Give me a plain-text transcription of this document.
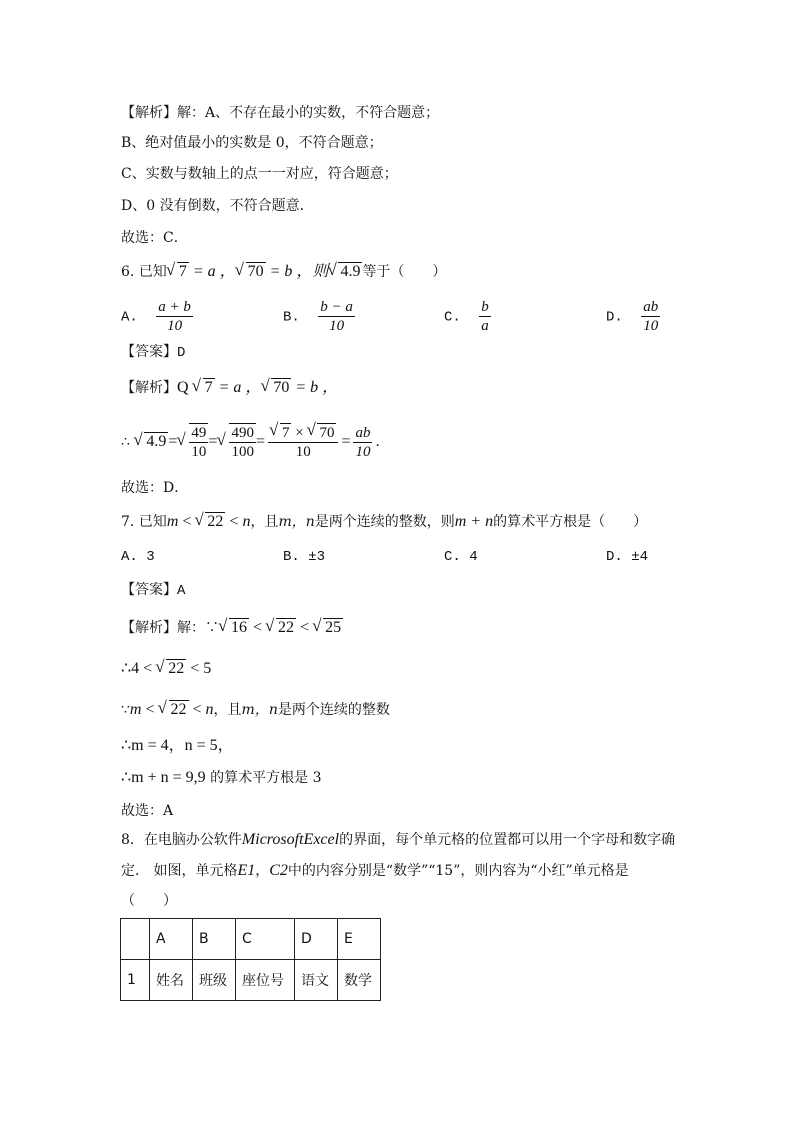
【解析】解：A、不存在最小的实数，不符合题意；
B、绝对值最小的实数是 0，不符合题意；
C、实数与数轴上的点一一对应，符合题意；
D、0 没有倒数，不符合题意．
故选：C．
6. 已知 √ 7 = a ， √ 70 = b ，则 √ 4.9 等于（　　）
A. $\frac{a + b}{10}$	B. $\frac{b - a}{10}$	C. $\frac{b}{a}$	D. $\frac{ab}{10}$
【答案】D
【解析】Q √ 7 = a ， √ 70 = b ，
∴ √ 4.9 = √ $\frac{49}{10}$ = √ $\frac{490}{100}$ = √ $\frac{7 \times √ 70}{10} = \frac{ab}{10}$ ．
故选：D．
7. 已知m < √ 22 < n，且m，n是两个连续的整数，则m + n的算术平方根是（　　）
A. 3	B. ±3	C. 4	D. ±4
【答案】A
【解析】解：∵ √ 16 < √ 22 < √ 25
∴4 < √ 22 < 5
∵m < √ 22 < n，且m，n是两个连续的整数
∴m = 4，n = 5，
∴m + n = 9,9 的算术平方根是 3
故选：A
8．在电脑办公软件MicrosoftExcel的界面，每个单元格的位置都可以用一个字母和数字确
定． 如图，单元格E1，C2中的内容分别是“数学”“15”，则内容为“小红”单元格是
（　　）
	A	B	C	D	E
1	姓名	班级	座位号	语文	数学
